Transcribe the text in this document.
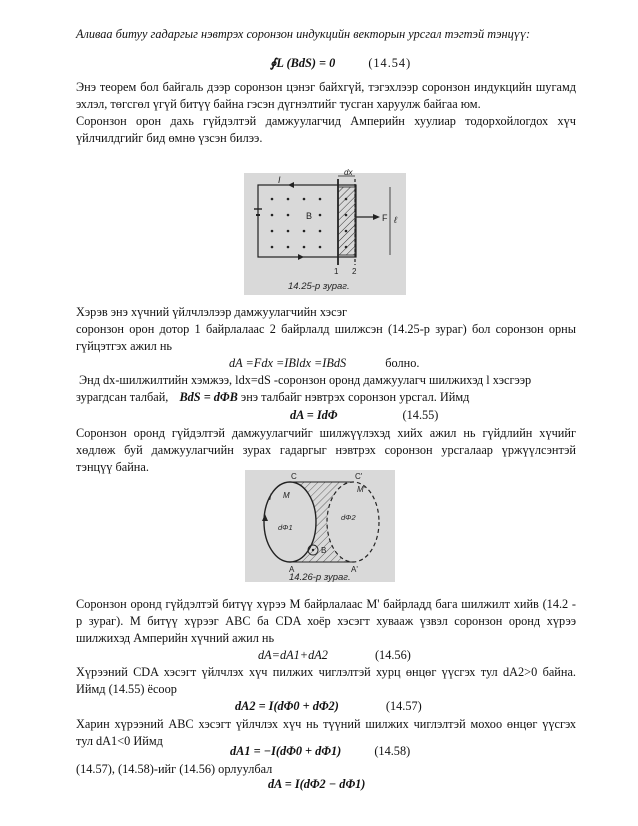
Аливаа битуу гадаргыг нэвтрэх соронзон индукцийн векторын урсгал тэгтэй тэнцүү:
∮L (BdS) = 0	(14.54)
Энэ теорем бол байгаль дээр соронзон цэнэг байхгүй, тэгэхлээр соронзон индукцийн шугамд
эхлэл, төгсгөл үгүй битүү байна гэсэн дүгнэлтийг тусган харуулж байгаа юм.
Соронзон орон дахь гүйдэлтэй дамжуулагчид Амперийн хуулиар тодорхойлогдох хүч
үйлчилдгийг бид өмнө үзсэн билээ.
dx
I
B	F ℓ
1 2
14.25-р зураг.
Хэрэв энэ хүчний үйлчлэлээр дамжуулагчийн хэсэг
соронзон орон дотор 1 байрлалаас 2 байрлалд шилжсэн (14.25-р зураг) бол соронзон орны
гүйцэтгэх ажил нь
dA =Fdx =IBldx =IBdS	болно.
Энд dx-шилжилтийн хэмжээ, ldx=dS -соронзон оронд дамжуулагч шилжихэд l хэсгээр
зурагдсан талбай, BdS = dΦB энэ талбайг нэвтрэх соронзон урсгал. Иймд
dA = IdΦ	(14.55)
Соронзон оронд гүйдэлтэй дамжуулагчийг шилжүүлэхэд хийх ажил нь гүйдлийн хүчийг
хөдлөж буй дамжуулагчийн зурах гадаргыг нэвтрэх соронзон урсгалаар үржүүлсэнтэй
тэнцүү байна.
I M
M'
C	C'
A	A'
dΦ1
dΦ2
B
14.26-р зураг.
Соронзон оронд гүйдэлтэй битүү хүрээ М байрлалаас М' байрладд бага шилжилт хийв (14.2 -
р зураг). М битүү хүрээг ABC ба CDA хоёр хэсэгт хувааж үзвэл соронзон оронд хүрээ
шилжихэд Амперийн хүчний ажил нь
dA=dA1+dA2	(14.56)
Хүрээний CDA хэсэгт үйлчлэх хүч пилжих чиглэлтэй хурц өнцөг үүсгэх тул dA2>0 байна.
Иймд (14.55) ёсоор
dA2 = I(dΦ0 + dΦ2)	(14.57)
Харин хүрээний ABC хэсэгт үйлчлэх хүч нь түүний шилжих чиглэлтэй мохоо өнцөг үүсгэх
тул dA1<0 Иймд
dA1 = −I(dΦ0 + dΦ1)	(14.58)
(14.57), (14.58)-ийг (14.56) орлуулбал
dA = I(dΦ2 − dΦ1)
